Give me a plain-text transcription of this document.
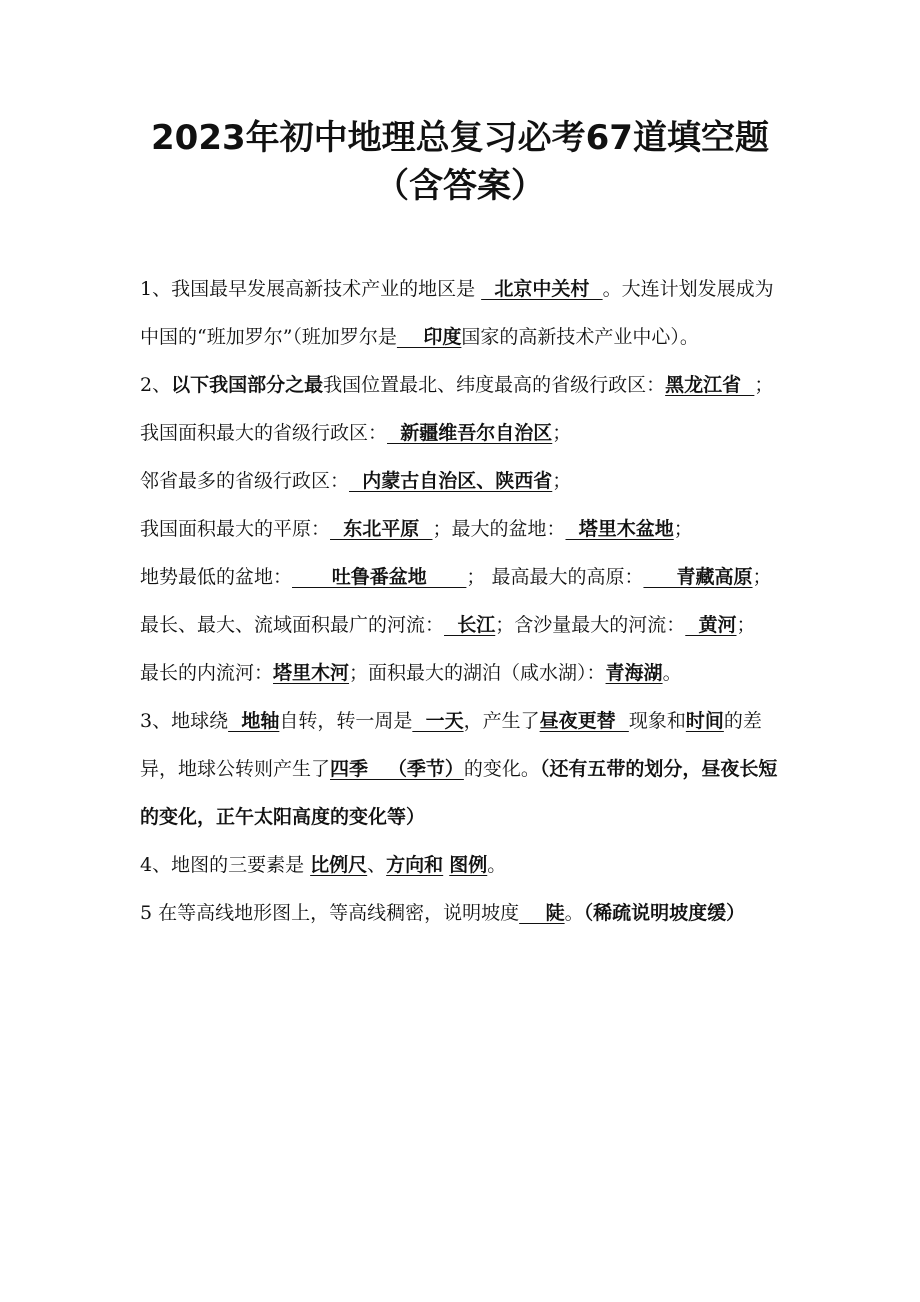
2023年初中地理总复习必考67道填空题
（含答案）

1、我国最早发展高新技术产业的地区是   北京中关村  。大连计划发展成为中国的“班加罗尔”（班加罗尔是    印度国家的高新技术产业中心）。

2、以下我国部分之最我国位置最北、纬度最高的省级行政区：黑龙江省  ；

我国面积最大的省级行政区：  新疆维吾尔自治区；

邻省最多的省级行政区：  内蒙古自治区、陕西省；

我国面积最大的平原：  东北平原  ；最大的盆地：  塔里木盆地；

地势最低的盆地：      吐鲁番盆地      ； 最高最大的高原：     青藏高原；

最长、最大、流域面积最广的河流：  长江；含沙量最大的河流：  黄河；

最长的内流河：塔里木河；面积最大的湖泊（咸水湖）：青海湖。

3、地球绕  地轴自转，转一周是  一天，产生了昼夜更替  现象和时间的差异，地球公转则产生了四季   （季节）的变化。（还有五带的划分，昼夜长短的变化，正午太阳高度的变化等）

4、地图的三要素是 比例尺、方向和 图例。

5 在等高线地形图上，等高线稠密，说明坡度    陡。（稀疏说明坡度缓）
